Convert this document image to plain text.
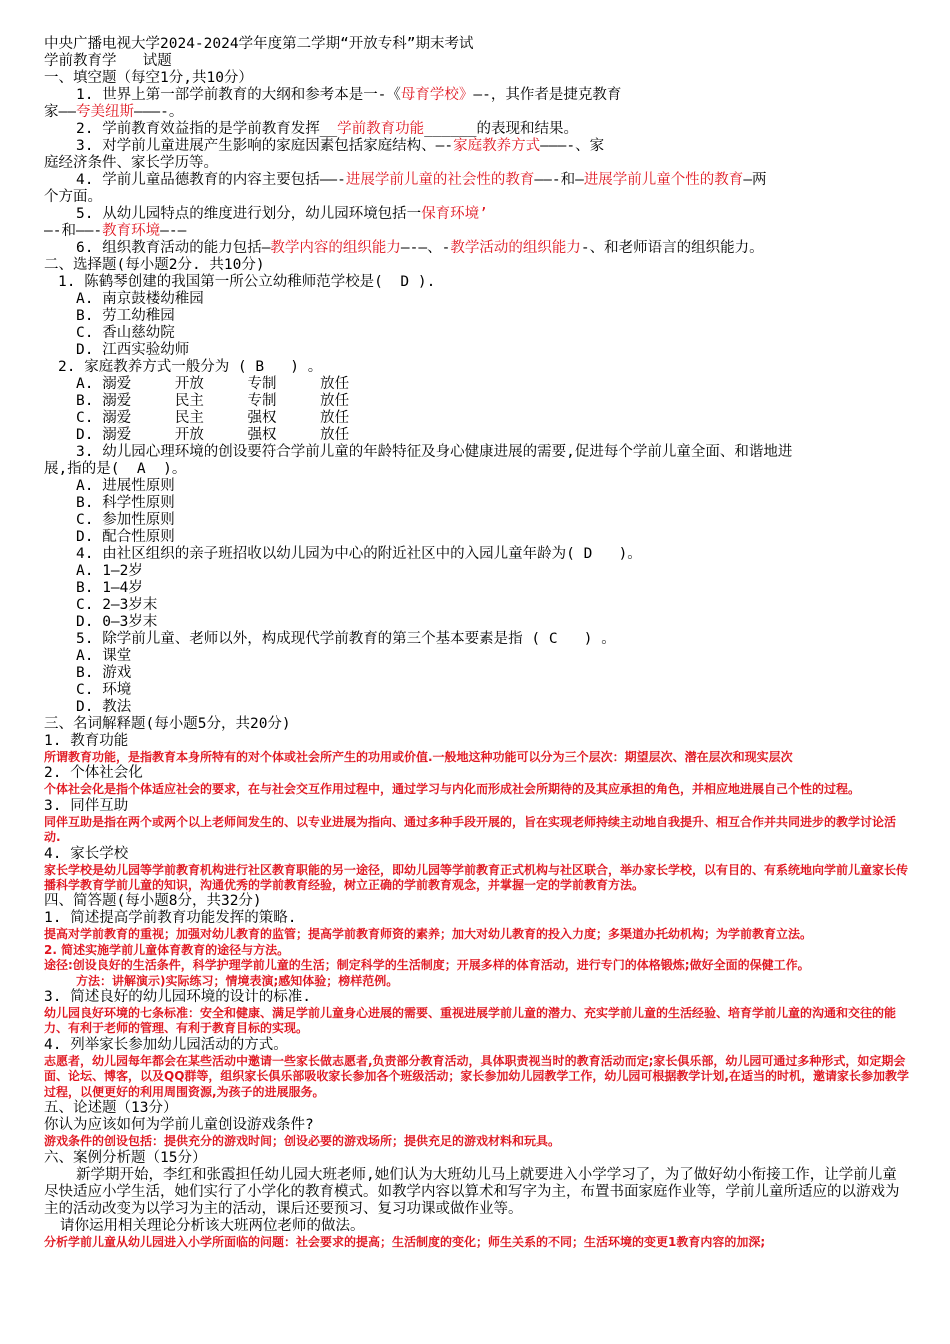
中央广播电视大学2024-2024学年度第二学期“开放专科”期末考试

学前教育学   试题

一、填空题（每空1分,共10分）

1. 世界上第一部学前教育的大纲和参考本是一-《母育学校》—-，其作者是捷克教育

家——夸美纽斯———-。

2. 学前教育效益指的是学前教育发挥__学前教育功能______的表现和结果。

3. 对学前儿童进展产生影响的家庭因素包括家庭结构、—-家庭教养方式———-、家

庭经济条件、家长学历等。

4. 学前儿童品德教育的内容主要包括——-进展学前儿童的社会性的教育——-和—进展学前儿童个性的教育—两

个方面。

5. 从幼儿园特点的维度进行划分，幼儿园环境包括一保育环境’

—-和——-教育环境—-—

6. 组织教育活动的能力包括—教学内容的组织能力—-—、-教学活动的组织能力-、和老师语言的组织能力。

二、选择题(每小题2分. 共10分)

1. 陈鹤琴创建的我国第一所公立幼稚师范学校是(  D ).

A. 南京鼓楼幼稚园

B. 劳工幼稚园

C. 香山慈幼院

D. 江西实验幼师

2. 家庭教养方式一般分为 ( B   ) 。

A. 溺爱     开放     专制     放任

B. 溺爱     民主     专制     放任

C. 溺爱     民主     强权     放任

D. 溺爱     开放     强权     放任

3. 幼儿园心理环境的创设要符合学前儿童的年龄特征及身心健康进展的需要,促进每个学前儿童全面、和谐地进

展,指的是(  A  )。

A. 进展性原则

B. 科学性原则

C. 参加性原则

D. 配合性原则

4. 由社区组织的亲子班招收以幼儿园为中心的附近社区中的入园儿童年龄为( D   )。

A. 1—2岁

B. 1—4岁

C. 2—3岁末

D. 0—3岁末

5. 除学前儿童、老师以外，构成现代学前教育的第三个基本要素是指 ( C   ) 。

A. 课堂

B. 游戏

C. 环境

D. 教法

三、名词解释题(每小题5分，共20分)

1. 教育功能

所谓教育功能，是指教育本身所特有的对个体或社会所产生的功用或价值.一般地这种功能可以分为三个层次：期望层次、潜在层次和现实层次

2. 个体社会化

个体社会化是指个体适应社会的要求，在与社会交互作用过程中，通过学习与内化而形成社会所期待的及其应承担的角色，并相应地进展自己个性的过程。

3. 同伴互助

同伴互助是指在两个或两个以上老师间发生的、以专业进展为指向、通过多种手段开展的，旨在实现老师持续主动地自我提升、相互合作并共同进步的教学讨论活动.

4. 家长学校

家长学校是幼儿园等学前教育机构进行社区教育职能的另一途径，即幼儿园等学前教育正式机构与社区联合，举办家长学校，以有目的、有系统地向学前儿童家长传播科学教育学前儿童的知识，沟通优秀的学前教育经验，树立正确的学前教育观念，并掌握一定的学前教育方法。

四、简答题(每小题8分，共32分)

1. 简述提高学前教育功能发挥的策略.

提高对学前教育的重视；加强对幼儿教育的监管；提高学前教育师资的素养；加大对幼儿教育的投入力度；多渠道办托幼机构；为学前教育立法。

2. 简述实施学前儿童体育教育的途径与方法。

途径:创设良好的生活条件，科学护理学前儿童的生活；制定科学的生活制度；开展多样的体育活动，进行专门的体格锻炼;做好全面的保健工作。

方法：讲解演示)实际练习；情境表演;感知体验；榜样范例。

3. 简述良好的幼儿园环境的设计的标准.

幼儿园良好环境的七条标准：安全和健康、满足学前儿童身心进展的需要、重视进展学前儿童的潜力、充实学前儿童的生活经验、培育学前儿童的沟通和交往的能力、有利于老师的管理、有利于教育目标的实现。

4. 列举家长参加幼儿园活动的方式。

志愿者，幼儿园每年都会在某些活动中邀请一些家长做志愿者,负责部分教育活动，具体职责视当时的教育活动而定;家长俱乐部，幼儿园可通过多种形式，如定期会面、论坛、博客，以及QQ群等，组织家长俱乐部吸收家长参加各个班级活动；家长参加幼儿园教学工作，幼儿园可根据教学计划,在适当的时机，邀请家长参加教学过程，以便更好的利用周围资源,为孩子的进展服务。

五、论述题（13分）

你认为应该如何为学前儿童创设游戏条件?

游戏条件的创设包括：提供充分的游戏时间；创设必要的游戏场所；提供充足的游戏材料和玩具。

六、案例分析题（15分）

新学期开始，李红和张霞担任幼儿园大班老师,她们认为大班幼儿马上就要进入小学学习了，为了做好幼小衔接工作，让学前儿童尽快适应小学生活，她们实行了小学化的教育模式。如教学内容以算术和写字为主，布置书面家庭作业等，学前儿童所适应的以游戏为主的活动改变为以学习为主的活动，课后还要预习、复习功课或做作业等。

请你运用相关理论分析该大班两位老师的做法。

分析学前儿童从幼儿园进入小学所面临的问题：社会要求的提高；生活制度的变化；师生关系的不同；生活环境的变更1教育内容的加深;
